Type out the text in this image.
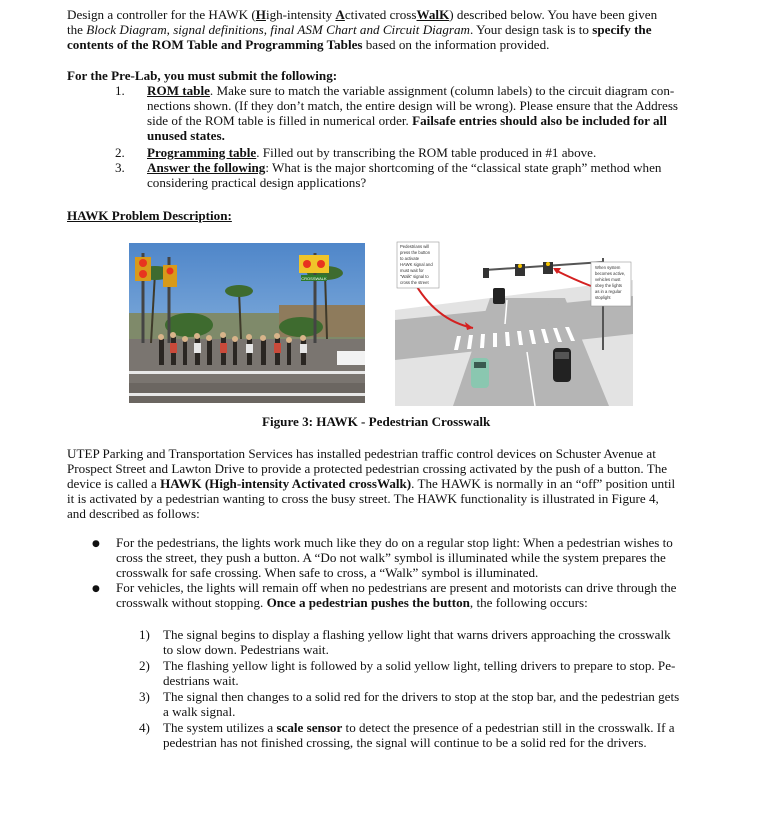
Design a controller for the HAWK (High-intensity Activated crossWalK) described below. You have been given
the Block Diagram, signal definitions, final ASM Chart and Circuit Diagram. Your design task is to specify the
contents of the ROM Table and Programming Tables based on the information provided.
For the Pre-Lab, you must submit the following:
1. ROM table. Make sure to match the variable assignment (column labels) to the circuit diagram con-
nections shown. (If they don’t match, the entire design will be wrong). Please ensure that the Address
side of the ROM table is filled in numerical order. Failsafe entries should also be included for all
unused states.
2. Programming table. Filled out by transcribing the ROM table produced in #1 above.
3. Answer the following: What is the major shortcoming of the “classical state graph” method when
considering practical design applications?
HAWK Problem Description:
CROSSWALK
Pedestrians will
press the button
to activate
HAWK signal and
must wait for
“Walk” signal to
cross the street
When system
becomes active,
vehicles must
obey the lights
as in a regular
stoplight
Figure 3: HAWK - Pedestrian Crosswalk
UTEP Parking and Transportation Services has installed pedestrian traffic control devices on Schuster Avenue at
Prospect Street and Lawton Drive to provide a protected pedestrian crossing activated by the push of a button. The
device is called a HAWK (High-intensity Activated crossWalk). The HAWK is normally in an “off” position until
it is activated by a pedestrian wanting to cross the busy street. The HAWK functionality is illustrated in Figure 4,
and described as follows:
● For the pedestrians, the lights work much like they do on a regular stop light: When a pedestrian wishes to
cross the street, they push a button. A “Do not walk” symbol is illuminated while the system prepares the
crosswalk for safe crossing. When safe to cross, a “Walk” symbol is illuminated.
● For vehicles, the lights will remain off when no pedestrians are present and motorists can drive through the
crosswalk without stopping. Once a pedestrian pushes the button, the following occurs:
1) The signal begins to display a flashing yellow light that warns drivers approaching the crosswalk
to slow down. Pedestrians wait.
2) The flashing yellow light is followed by a solid yellow light, telling drivers to prepare to stop. Pe-
destrians wait.
3) The signal then changes to a solid red for the drivers to stop at the stop bar, and the pedestrian gets
a walk signal.
4) The system utilizes a scale sensor to detect the presence of a pedestrian still in the crosswalk. If a
pedestrian has not finished crossing, the signal will continue to be a solid red for the drivers.
